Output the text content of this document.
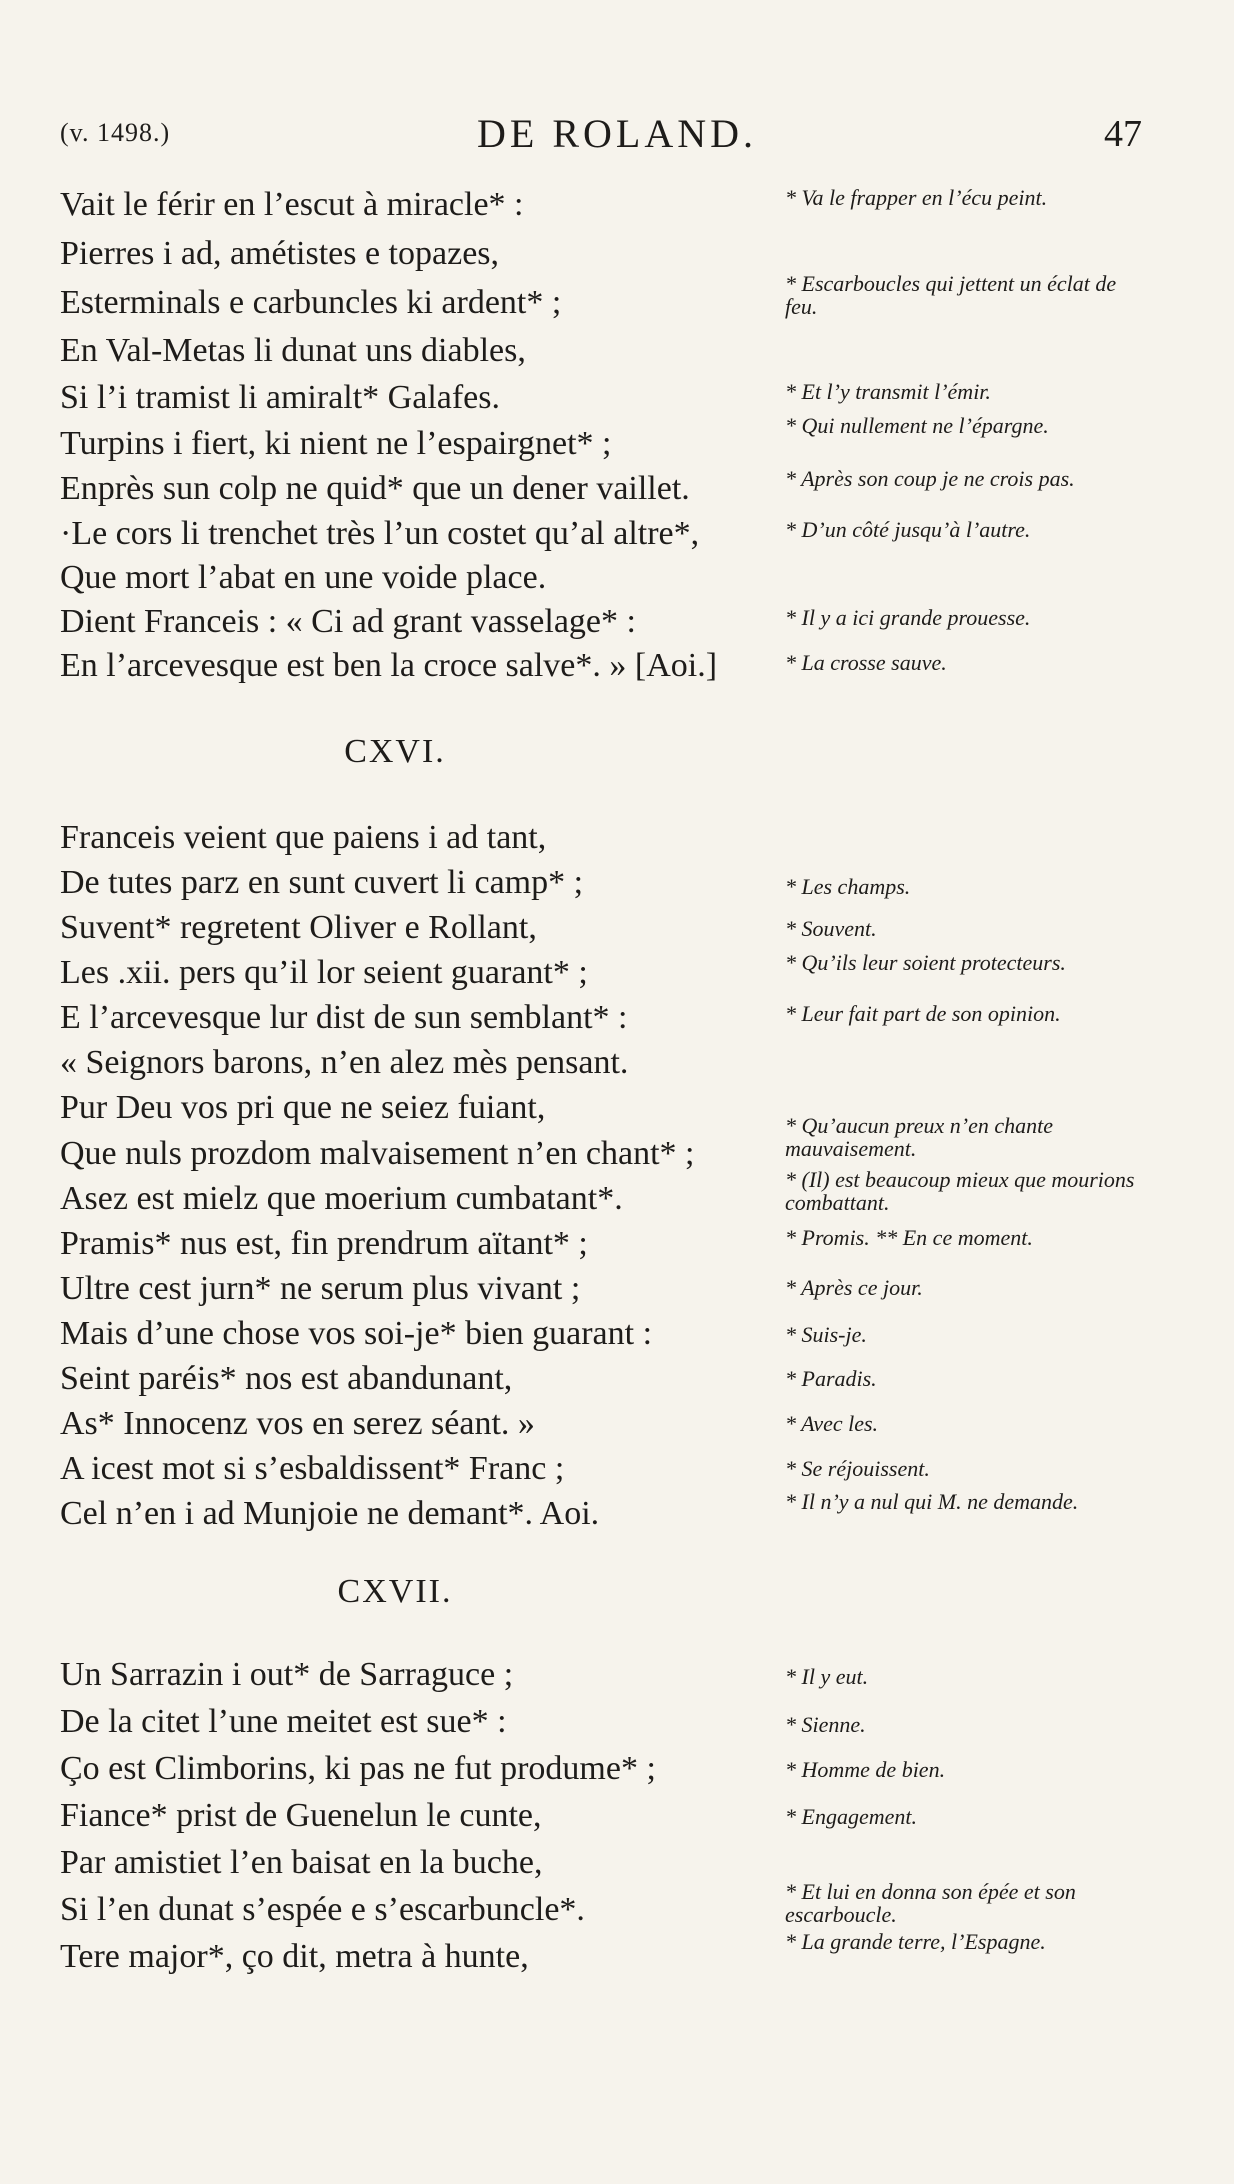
(v. 1498.)	DE ROLAND.	47
Vait le férir en l’escut à miracle* :
Pierres i ad, amétistes e topazes,
Esterminals e carbuncles ki ardent* ;
En Val-Metas li dunat uns diables,
Si l’i tramist li amiralt* Galafes.
Turpins i fiert, ki nient ne l’espairgnet* ;
Enprès sun colp ne quid* que un dener vaillet.
·Le cors li trenchet très l’un costet qu’al altre*,
Que mort l’abat en une voide place.
Dient Franceis : « Ci ad grant vasselage* :
En l’arcevesque est ben la croce salve*. » [Aoi.]
* Va le frapper en l’écu peint.
* Escarboucles qui jettent un éclat de feu.
* Et l’y transmit l’émir.
* Qui nullement ne l’épargne.
* Après son coup je ne crois pas.
* D’un côté jusqu’à l’autre.
* Il y a ici grande prouesse.
* La crosse sauve.
CXVI.
Franceis veient que paiens i ad tant,
De tutes parz en sunt cuvert li camp* ;
Suvent* regretent Oliver e Rollant,
Les .xii. pers qu’il lor seient guarant* ;
E l’arcevesque lur dist de sun semblant* :
« Seignors barons, n’en alez mès pensant.
Pur Deu vos pri que ne seiez fuiant,
Que nuls prozdom malvaisement n’en chant* ;
Asez est mielz que moerium cumbatant*.
Pramis* nus est, fin prendrum aïtant* ;
Ultre cest jurn* ne serum plus vivant ;
Mais d’une chose vos soi-je* bien guarant :
Seint paréis* nos est abandunant,
As* Innocenz vos en serez séant. »
A icest mot si s’esbaldissent* Franc ;
Cel n’en i ad Munjoie ne demant*. Aoi.
* Les champs.
* Souvent.
* Qu’ils leur soient protecteurs.
* Leur fait part de son opinion.
* Qu’aucun preux n’en chante mauvaisement.
* (Il) est beaucoup mieux que mourions combattant.
* Promis. ** En ce moment.
* Après ce jour.
* Suis-je.
* Paradis.
* Avec les.
* Se réjouissent.
* Il n’y a nul qui M. ne demande.
CXVII.
Un Sarrazin i out* de Sarraguce ;
De la citet l’une meitet est sue* :
Ço est Climborins, ki pas ne fut produme* ;
Fiance* prist de Guenelun le cunte,
Par amistiet l’en baisat en la buche,
Si l’en dunat s’espée e s’escarbuncle*.
Tere major*, ço dit, metra à hunte,
* Il y eut.
* Sienne.
* Homme de bien.
* Engagement.
* Et lui en donna son épée et son escarboucle.
* La grande terre, l’Espagne.
